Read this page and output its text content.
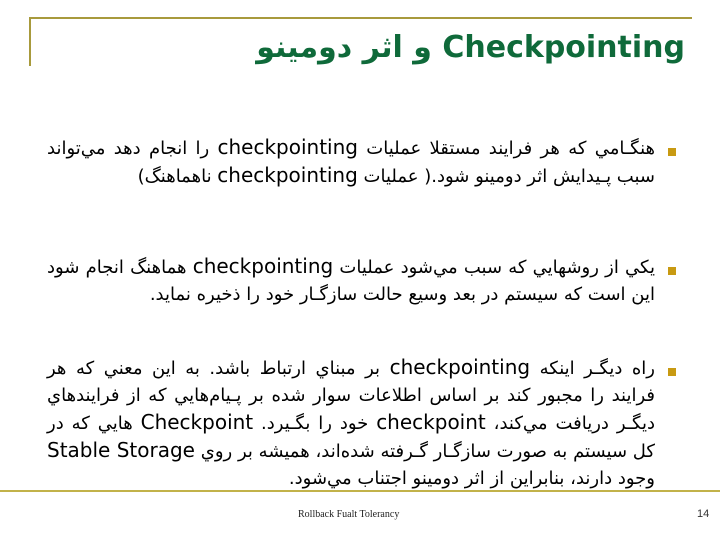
Checkpointing و اثر دومينو
هنگـامي كه هر فرايند مستقلا عمليات checkpointing را انجام دهد مي‌تواند سبب پـيدايش اثر دومينو شود.( عمليات checkpointing ناهماهنگ)
يكي از روشهايي كه سبب مي‌شود عمليات checkpointing هماهنگ انجام شود اين است كه سيستم در بعد وسيع حالت سازگـار خود را ذخيره نمايد.
راه ديگـر اينكه checkpointing بر مبناي ارتباط باشد. به اين معني كه هر فرايند را مجبور كند بر اساس اطلاعات سوار شده بر پـيام‌هايي كه از فرايندهاي ديگـر دريافت مي‌كند، checkpoint خود را بگـيرد. Checkpoint هايي كه در كل سيستم به صورت سازگـار گـرفته شده‌اند، هميشه بر روي Stable Storage وجود دارند، بنابراين از اثر دومينو اجتناب مي‌شود.
Rollback Fualt Tolerancy	14
